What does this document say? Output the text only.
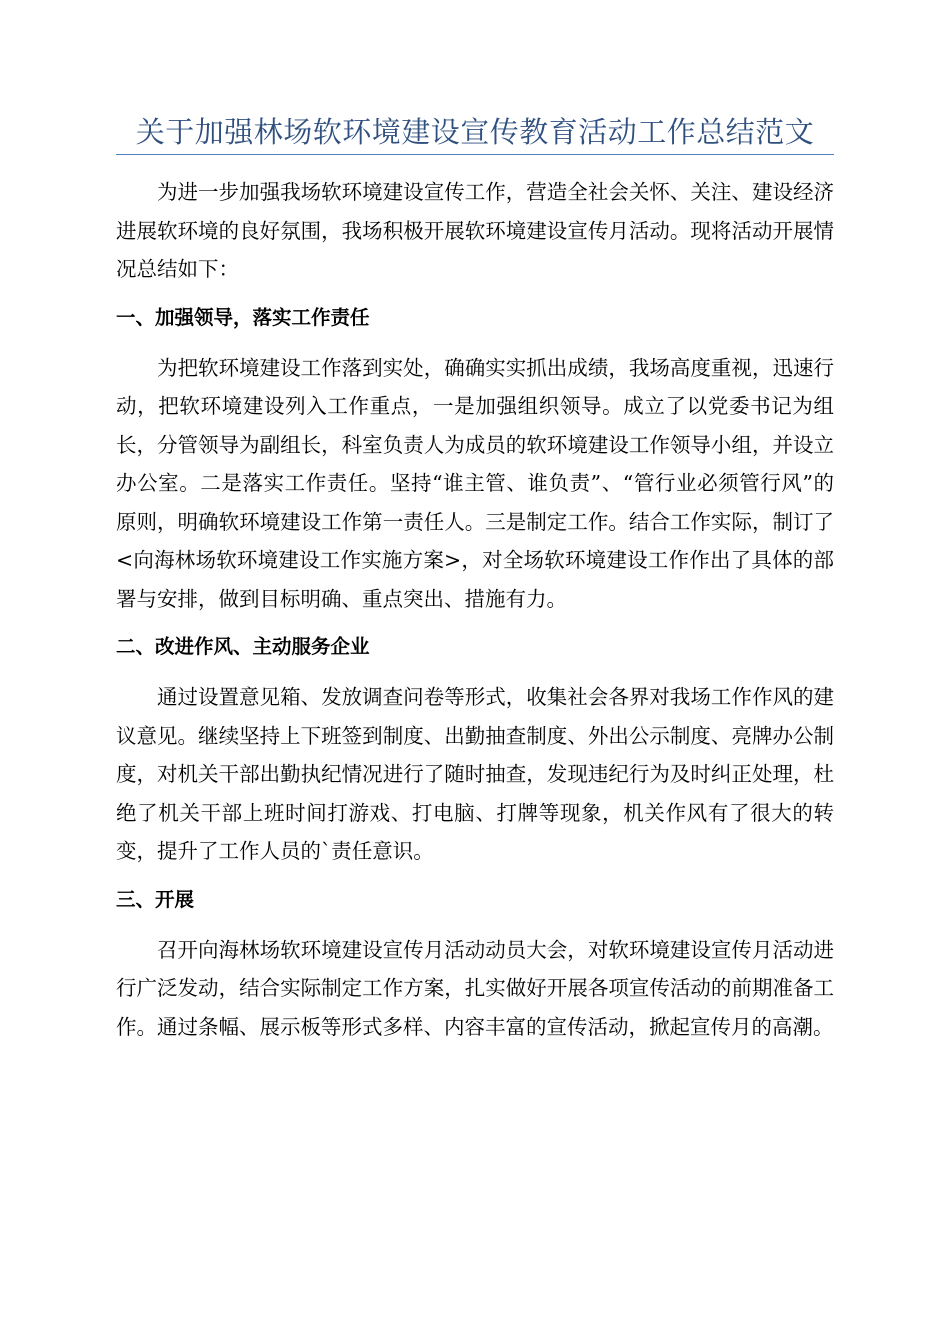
关于加强林场软环境建设宣传教育活动工作总结范文

为进一步加强我场软环境建设宣传工作，营造全社会关怀、关注、建设经济进展软环境的良好氛围，我场积极开展软环境建设宣传月活动。现将活动开展情况总结如下：

一、加强领导，落实工作责任

为把软环境建设工作落到实处，确确实实抓出成绩，我场高度重视，迅速行动，把软环境建设列入工作重点，一是加强组织领导。成立了以党委书记为组长，分管领导为副组长，科室负责人为成员的软环境建设工作领导小组，并设立办公室。二是落实工作责任。坚持“谁主管、谁负责”、“管行业必须管行风”的原则，明确软环境建设工作第一责任人。三是制定工作。结合工作实际，制订了<向海林场软环境建设工作实施方案>，对全场软环境建设工作作出了具体的部署与安排，做到目标明确、重点突出、措施有力。

二、改进作风、主动服务企业

通过设置意见箱、发放调查问卷等形式，收集社会各界对我场工作作风的建议意见。继续坚持上下班签到制度、出勤抽查制度、外出公示制度、亮牌办公制度，对机关干部出勤执纪情况进行了随时抽查，发现违纪行为及时纠正处理，杜绝了机关干部上班时间打游戏、打电脑、打牌等现象，机关作风有了很大的转变，提升了工作人员的`责任意识。

三、开展

召开向海林场软环境建设宣传月活动动员大会，对软环境建设宣传月活动进行广泛发动，结合实际制定工作方案，扎实做好开展各项宣传活动的前期准备工作。通过条幅、展示板等形式多样、内容丰富的宣传活动，掀起宣传月的高潮。
